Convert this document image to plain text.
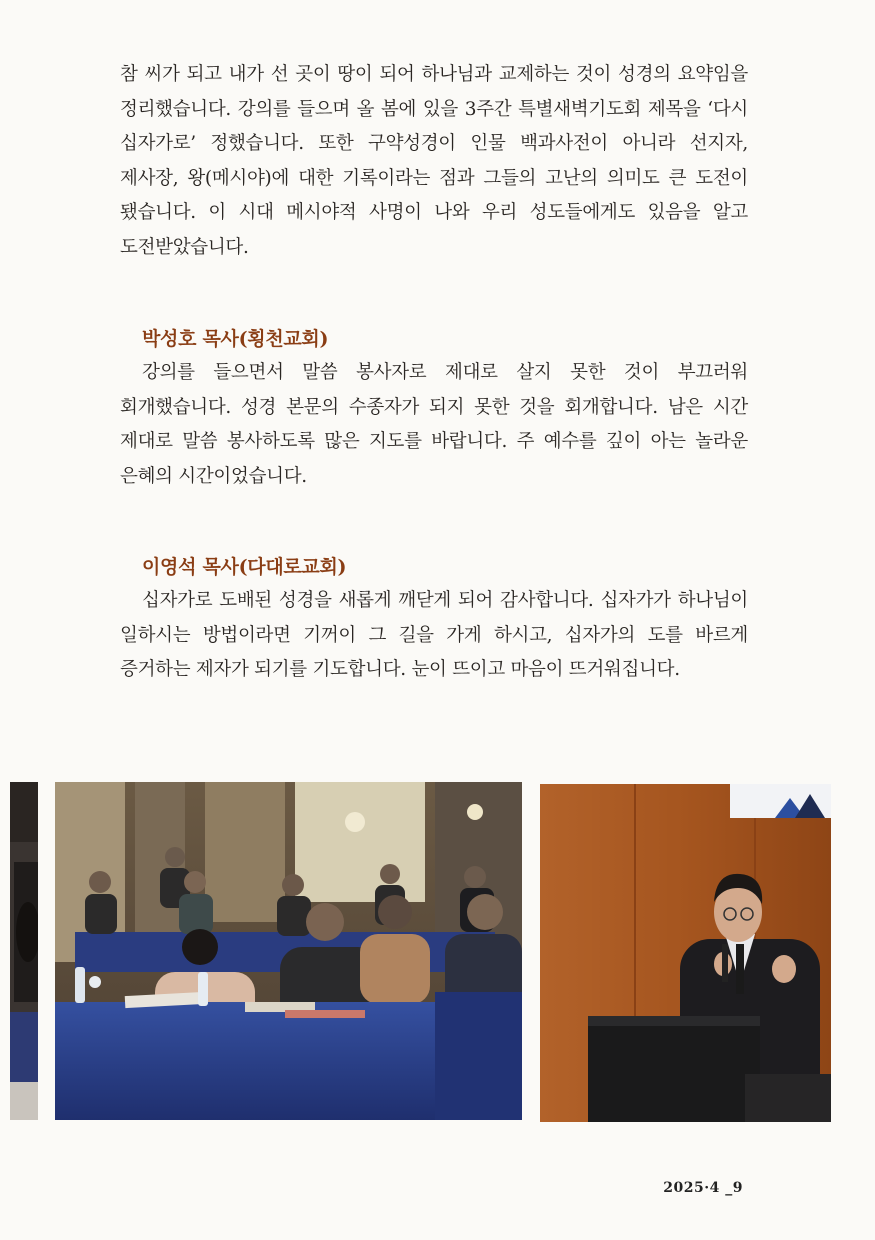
참 씨가 되고 내가 선 곳이 땅이 되어 하나님과 교제하는 것이 성경의 요약임을 정리했습니다. 강의를 들으며 올 봄에 있을 3주간 특별새벽기도회 제목을 ‘다시 십자가로’ 정했습니다. 또한 구약성경이 인물 백과사전이 아니라 선지자, 제사장, 왕(메시야)에 대한 기록이라는 점과 그들의 고난의 의미도 큰 도전이 됐습니다. 이 시대 메시야적 사명이 나와 우리 성도들에게도 있음을 알고 도전받았습니다.

박성호 목사(횡천교회)

강의를 들으면서 말씀 봉사자로 제대로 살지 못한 것이 부끄러워 회개했습니다. 성경 본문의 수종자가 되지 못한 것을 회개합니다. 남은 시간 제대로 말씀 봉사하도록 많은 지도를 바랍니다. 주 예수를 깊이 아는 놀라운 은혜의 시간이었습니다.

이영석 목사(다대로교회)

십자가로 도배된 성경을 새롭게 깨닫게 되어 감사합니다. 십자가가 하나님이 일하시는 방법이라면 기꺼이 그 길을 가게 하시고, 십자가의 도를 바르게 증거하는 제자가 되기를 기도합니다. 눈이 뜨이고 마음이 뜨거워집니다.

2025·4 _9
